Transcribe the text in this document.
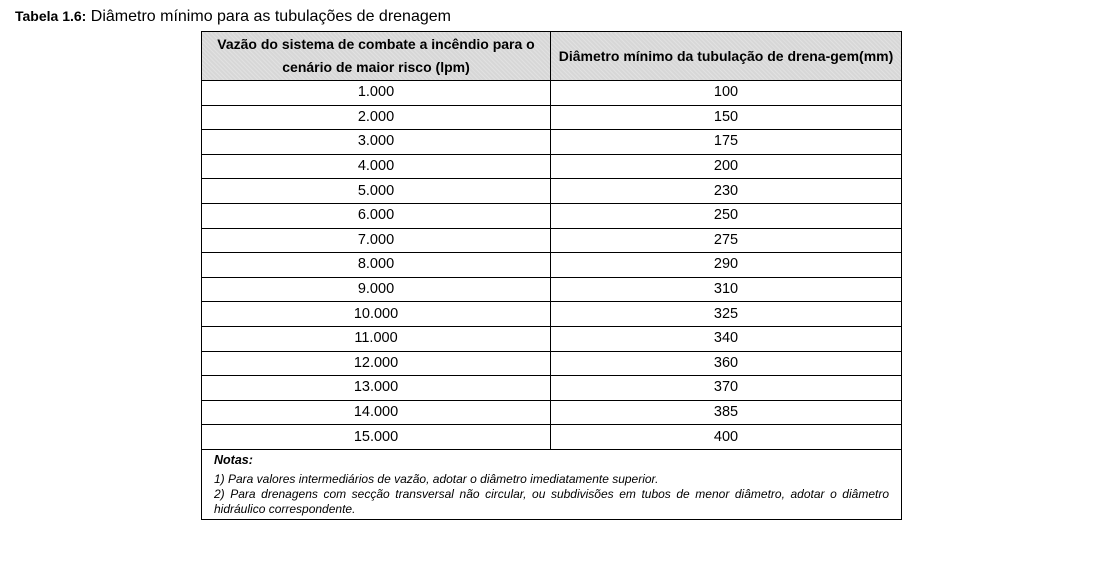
Tabela 1.6: Diâmetro mínimo para as tubulações de drenagem
Vazão do sistema de combate a incêndio para o cenário de maior risco (lpm)	Diâmetro mínimo da tubulação de drena-gem(mm)
1.000	100
2.000	150
3.000	175
4.000	200
5.000	230
6.000	250
7.000	275
8.000	290
9.000	310
10.000	325
11.000	340
12.000	360
13.000	370
14.000	385
15.000	400

Notas:
1) Para valores intermediários de vazão, adotar o diâmetro imediatamente superior.
2) Para drenagens com secção transversal não circular, ou subdivisões em tubos de menor diâmetro, adotar o diâmetro hidráulico correspondente.	
